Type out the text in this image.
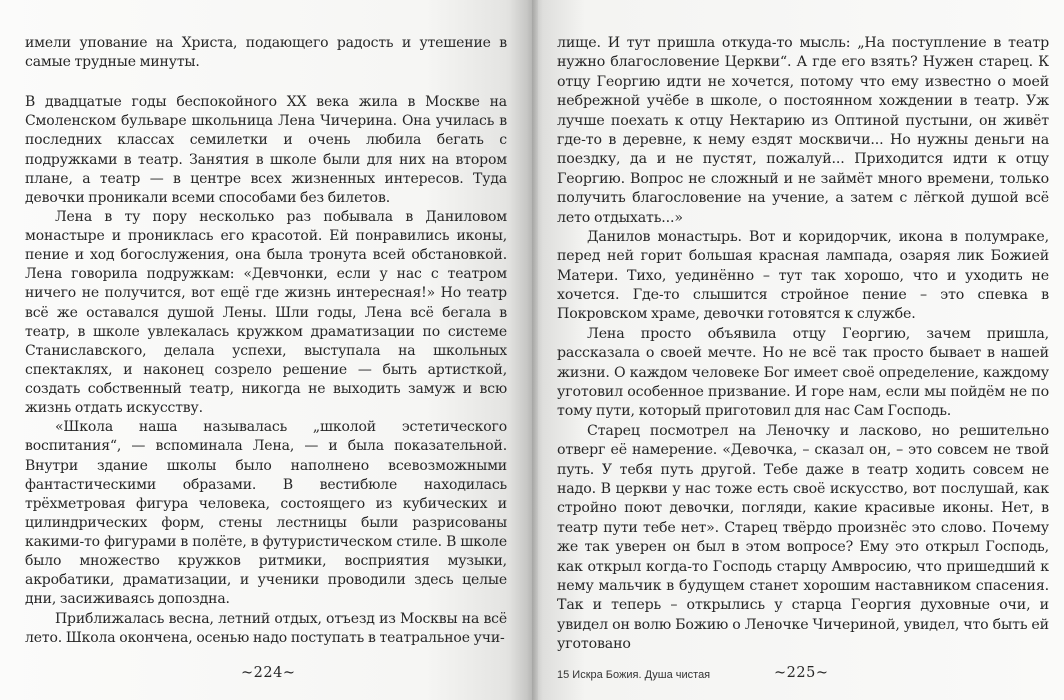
имели упование на Христа, подающего радость и утешение в самые трудные минуты.

В двадцатые годы беспокойного XX века жила в Москве на Смоленском бульваре школьница Лена Чичерина. Она училась в последних классах семилетки и очень любила бегать с подружками в театр. Занятия в школе были для них на втором плане, а театр — в центре всех жизненных интересов. Туда девочки проникали всеми способами без билетов.

Лена в ту пору несколько раз побывала в Даниловом монастыре и прониклась его красотой. Ей понравились иконы, пение и ход богослужения, она была тронута всей обстановкой. Лена говорила подружкам: «Девчонки, если у нас с театром ничего не получится, вот ещё где жизнь интересная!» Но театр всё же оставался душой Лены. Шли годы, Лена всё бегала в театр, в школе увлекалась кружком драматизации по системе Станиславского, делала успехи, выступала на школьных спектаклях, и наконец созрело решение — быть артисткой, создать собственный театр, никогда не выходить замуж и всю жизнь отдать искусству.

«Школа наша называлась „школой эстетического воспитания“, — вспоминала Лена, — и была показательной. Внутри здание школы было наполнено всевозможными фантастическими образами. В вестибюле находилась трёхметровая фигура человека, состоящего из кубических и цилиндрических форм, стены лестницы были разрисованы какими-то фигурами в полёте, в футуристическом стиле. В школе было множество кружков ритмики, восприятия музыки, акробатики, драматизации, и ученики проводили здесь целые дни, засиживаясь допоздна.

Приближалась весна, летний отдых, отъезд из Москвы на всё лето. Школа окончена, осенью надо поступать в театральное учи-

~224~

лище. И тут пришла откуда-то мысль: „На поступление в театр нужно благословение Церкви“. А где его взять? Нужен старец. К отцу Георгию идти не хочется, потому что ему известно о моей небрежной учёбе в школе, о постоянном хождении в театр. Уж лучше поехать к отцу Нектарию из Оптиной пустыни, он живёт где-то в деревне, к нему ездят москвичи... Но нужны деньги на поездку, да и не пустят, пожалуй... Приходится идти к отцу Георгию. Вопрос не сложный и не займёт много времени, только получить благословение на учение, а затем с лёгкой душой всё лето отдыхать...»

Данилов монастырь. Вот и коридорчик, икона в полумраке, перед ней горит большая красная лампада, озаряя лик Божией Матери. Тихо, уединённо – тут так хорошо, что и уходить не хочется. Где-то слышится стройное пение – это спевка в Покровском храме, девочки готовятся к службе.

Лена просто объявила отцу Георгию, зачем пришла, рассказала о своей мечте. Но не всё так просто бывает в нашей жизни. О каждом человеке Бог имеет своё определение, каждому уготовил особенное призвание. И горе нам, если мы пойдём не по тому пути, который приготовил для нас Сам Господь.

Старец посмотрел на Леночку и ласково, но решительно отверг её намерение. «Девочка, – сказал он, – это совсем не твой путь. У тебя путь другой. Тебе даже в театр ходить совсем не надо. В церкви у нас тоже есть своё искусство, вот послушай, как стройно поют девочки, погляди, какие красивые иконы. Нет, в театр пути тебе нет». Старец твёрдо произнёс это слово. Почему же так уверен он был в этом вопросе? Ему это открыл Господь, как открыл когда-то Господь старцу Амвросию, что пришедший к нему мальчик в будущем станет хорошим наставником спасения. Так и теперь – открылись у старца Георгия духовные очи, и увидел он волю Божию о Леночке Чичериной, увидел, что быть ей уготовано

15 Искра Божия. Душа чистая	~225~
